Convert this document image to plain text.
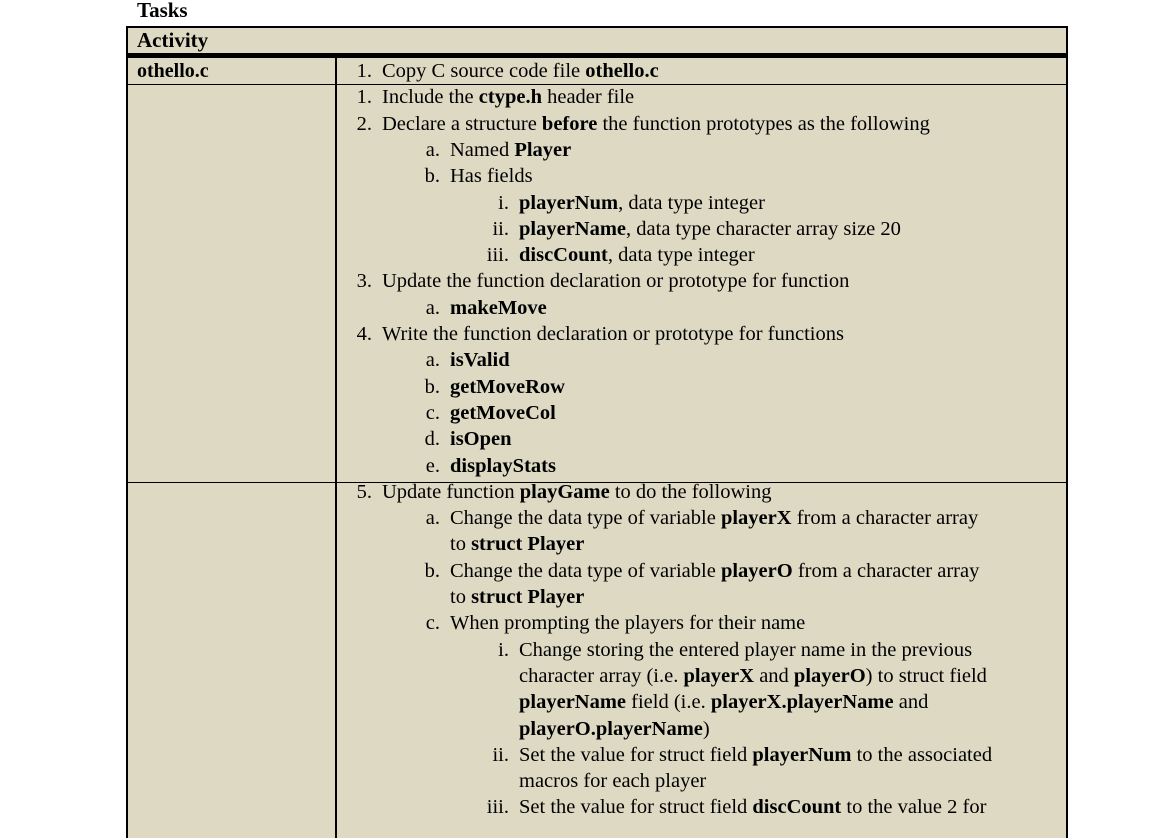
Tasks
Activity
othello.c	1. Copy C source code file othello.c
1. Include the ctype.h header file
2. Declare a structure before the function prototypes as the following
a. Named Player
b. Has fields
i. playerNum, data type integer
ii. playerName, data type character array size 20
iii. discCount, data type integer
3. Update the function declaration or prototype for function
a. makeMove
4. Write the function declaration or prototype for functions
a. isValid
b. getMoveRow
c. getMoveCol
d. isOpen
e. displayStats
5. Update function playGame to do the following
a. Change the data type of variable playerX from a character array
to struct Player
b. Change the data type of variable playerO from a character array
to struct Player
c. When prompting the players for their name
i. Change storing the entered player name in the previous
character array (i.e. playerX and playerO) to struct field
playerName field (i.e. playerX.playerName and
playerO.playerName)
ii. Set the value for struct field playerNum to the associated
macros for each player
iii. Set the value for struct field discCount to the value 2 for
